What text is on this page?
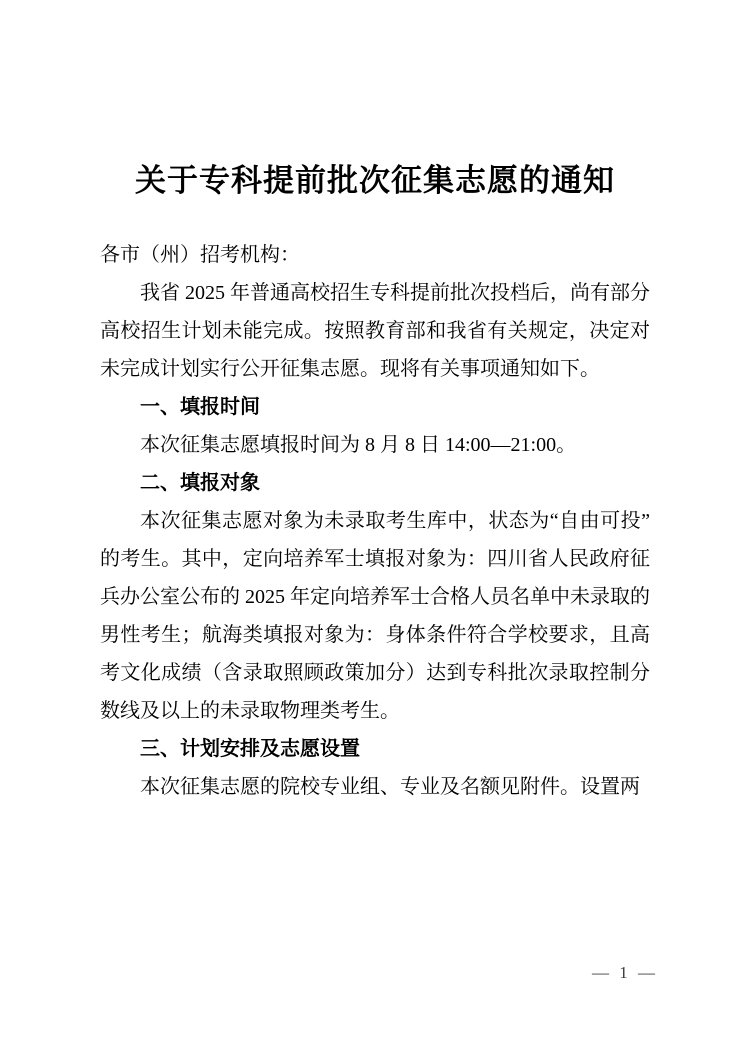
关于专科提前批次征集志愿的通知

各市（州）招考机构：

我省 2025 年普通高校招生专科提前批次投档后，尚有部分高校招生计划未能完成。按照教育部和我省有关规定，决定对未完成计划实行公开征集志愿。现将有关事项通知如下。

一、填报时间

本次征集志愿填报时间为 8 月 8 日 14:00—21:00。

二、填报对象

本次征集志愿对象为未录取考生库中，状态为“自由可投”的考生。其中，定向培养军士填报对象为：四川省人民政府征兵办公室公布的 2025 年定向培养军士合格人员名单中未录取的男性考生；航海类填报对象为：身体条件符合学校要求，且高考文化成绩（含录取照顾政策加分）达到专科批次录取控制分数线及以上的未录取物理类考生。

三、计划安排及志愿设置

本次征集志愿的院校专业组、专业及名额见附件。设置两

— 1 —
